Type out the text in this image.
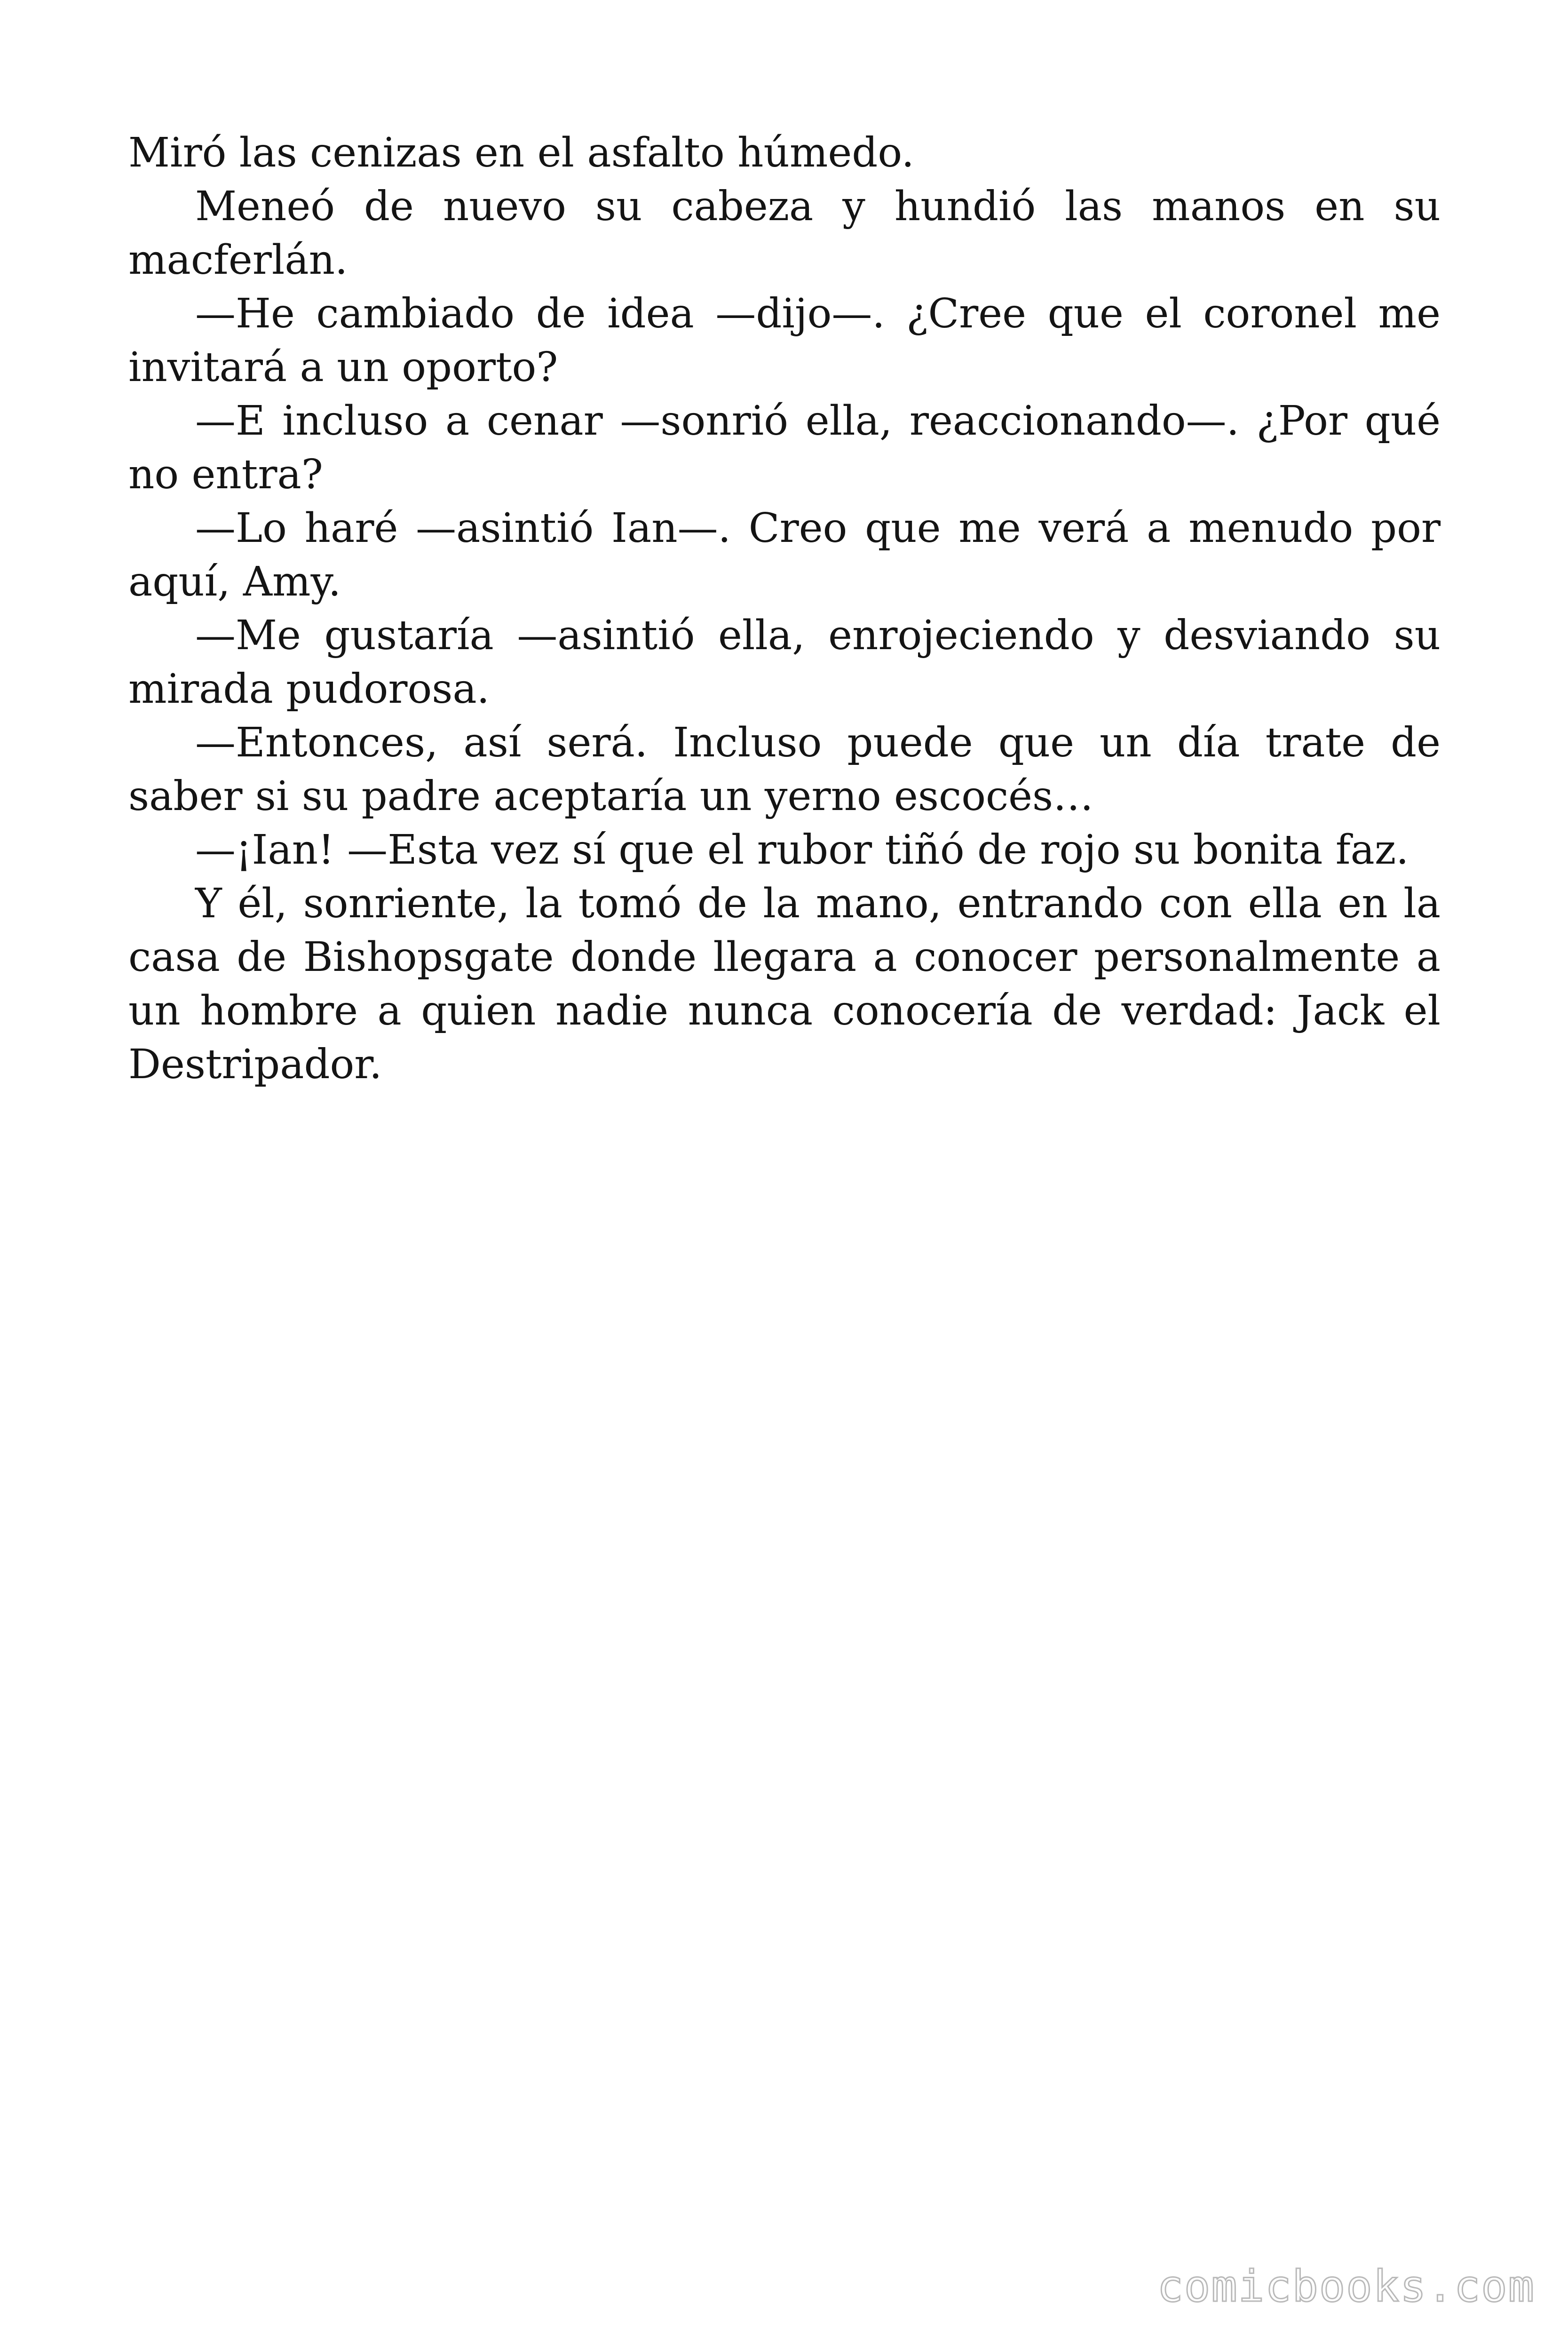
Miró las cenizas en el asfalto húmedo.

Meneó de nuevo su cabeza y hundió las manos en su macferlán.

—He cambiado de idea —dijo—. ¿Cree que el coronel me invitará a un oporto?

—E incluso a cenar —sonrió ella, reaccionando—. ¿Por qué no entra?

—Lo haré —asintió Ian—. Creo que me verá a menudo por aquí, Amy.

—Me gustaría —asintió ella, enrojeciendo y desviando su mirada pudorosa.

—Entonces, así será. Incluso puede que un día trate de saber si su padre aceptaría un yerno escocés…

—¡Ian! —Esta vez sí que el rubor tiñó de rojo su bonita faz.

Y él, sonriente, la tomó de la mano, entrando con ella en la casa de Bishopsgate donde llegara a conocer personalmente a un hombre a quien nadie nunca conocería de verdad: Jack el Destripador.

comicbooks.com
